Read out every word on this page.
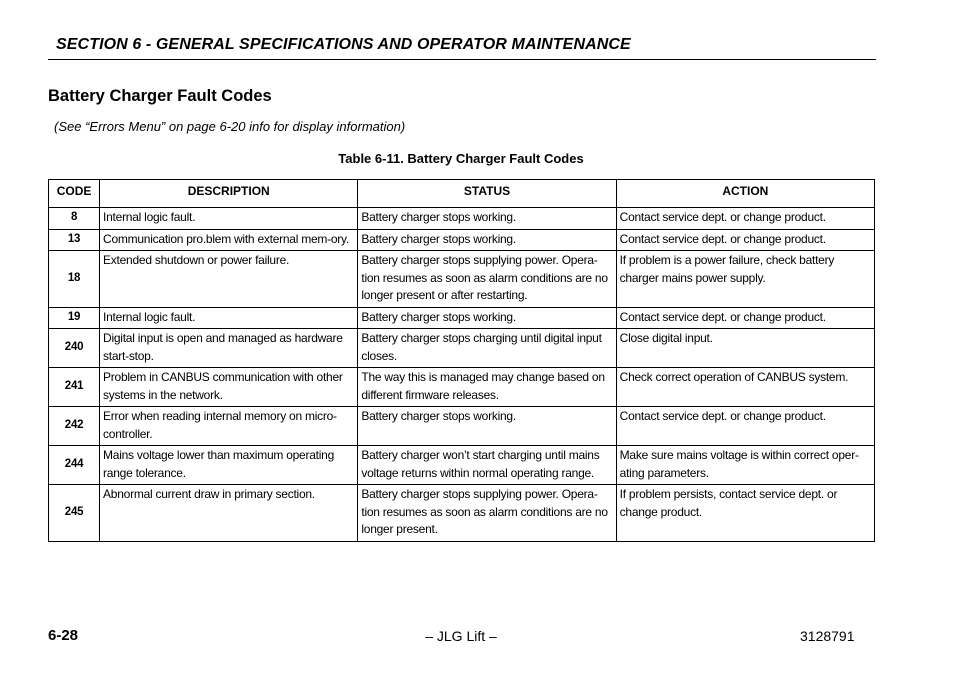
SECTION 6 - GENERAL SPECIFICATIONS AND OPERATOR MAINTENANCE
Battery Charger Fault Codes
(See “Errors Menu” on page 6-20 info for display information)
Table 6-11. Battery Charger Fault Codes
CODE	DESCRIPTION	STATUS	ACTION
8	Internal logic fault.	Battery charger stops working.	Contact service dept. or change product.
13	Communication pro.blem with external mem-ory.	Battery charger stops working.	Contact service dept. or change product.
18	Extended shutdown or power failure.	Battery charger stops supplying power. Opera-tion resumes as soon as alarm conditions are no longer present or after restarting.	If problem is a power failure, check battery charger mains power supply.
19	Internal logic fault.	Battery charger stops working.	Contact service dept. or change product.
240	Digital input is open and managed as hardware start-stop.	Battery charger stops charging until digital input closes.	Close digital input.
241	Problem in CANBUS communication with other systems in the network.	The way this is managed may change based on different firmware releases.	Check correct operation of CANBUS system.
242	Error when reading internal memory on micro-controller.	Battery charger stops working.	Contact service dept. or change product.
244	Mains voltage lower than maximum operating range tolerance.	Battery charger won’t start charging until mains voltage returns within normal operating range.	Make sure mains voltage is within correct oper-ating parameters.
245	Abnormal current draw in primary section.	Battery charger stops supplying power. Opera-tion resumes as soon as alarm conditions are no longer present.	If problem persists, contact service dept. or change product.
6-28	– JLG Lift –	3128791
